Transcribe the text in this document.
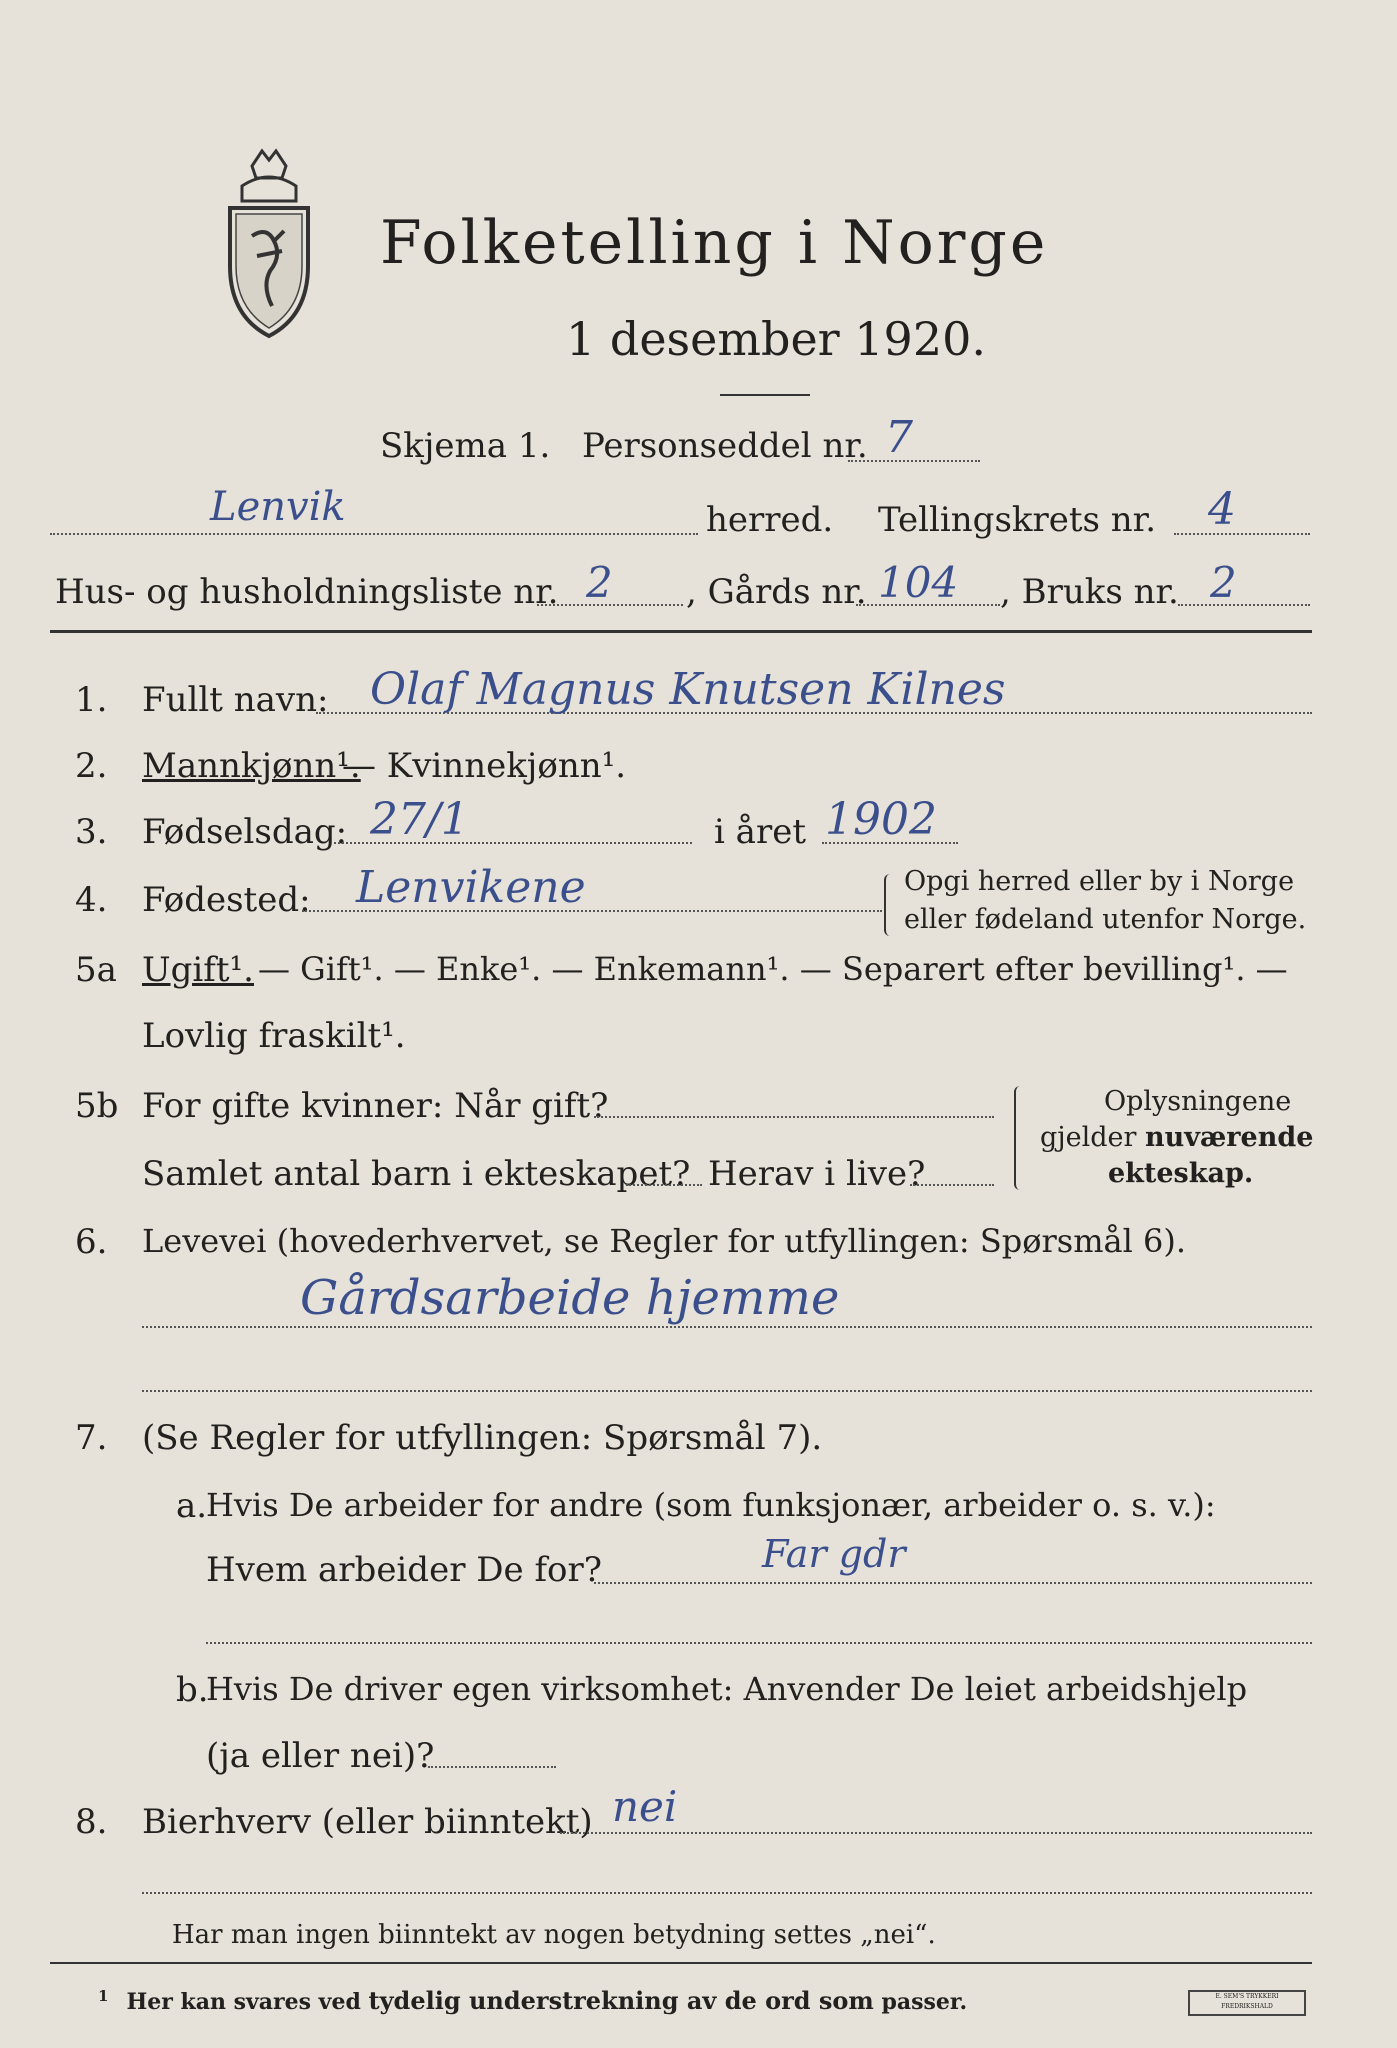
Folketelling i Norge
1 desember 1920.
Skjema 1. Personseddel nr. 7
Lenvik	herred. Tellingskrets nr. 4
Hus- og husholdningsliste nr. 2 , Gårds nr. 104 , Bruks nr. 2
1. Fullt navn: Olaf Magnus Knutsen Kilnes
2. Mannkjønn¹.
— Kvinnekjønn¹.
3. Fødselsdag: 27/1	i året 1902
4. Fødested: Lenvikene	Opgi herred eller by i Norge
eller fødeland utenfor Norge.
5a Ugift¹. — Gift¹. — Enke¹. — Enkemann¹. — Separert efter bevilling¹. —
Lovlig fraskilt¹.
5b For gifte kvinner: Når gift?
Samlet antal barn i ekteskapet? Herav i live?
Oplysningene
gjelder nuværende
ekteskap.
6. Levevei (hovederhvervet, se Regler for utfyllingen: Spørsmål 6).
Gårdsarbeide hjemme
7. (Se Regler for utfyllingen: Spørsmål 7).
a.
Hvis De arbeider for andre (som funksjonær, arbeider o. s. v.):
Hvem arbeider De for?	Far gdr
b.
Hvis De driver egen virksomhet: Anvender De leiet arbeidshjelp
(ja eller nei)?
8. Bierhverv (eller biinntekt) nei
Har man ingen biinntekt av nogen betydning settes „nei“.
$^1$ Her kan svares ved tydelig understrekning av de ord som passer.	E. SEM'S TRYKKERI FREDRIKSHALD
